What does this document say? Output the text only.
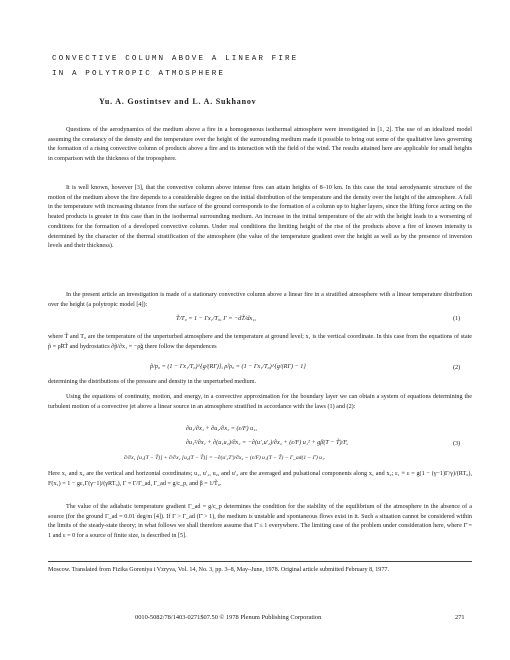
CONVECTIVE COLUMN ABOVE A LINEAR FIRE
IN A POLYTROPIC ATMOSPHERE
Yu. A. Gostintsev and L. A. Sukhanov

Questions of the aerodynamics of the medium above a fire in a homogeneous isothermal atmosphere were investigated in [1, 2]. The use of an idealized model assuming the constancy of the density and the temperature over the height of the surrounding medium made it possible to bring out some of the qualitative laws governing the formation of a rising convective column of products above a fire and its interaction with the field of the wind. The results attained here are applicable for small heights in comparison with the thickness of the troposphere.

It is well known, however [3], that the convective column above intense fires can attain heights of 8–10 km. In this case the total aerodynamic structure of the motion of the medium above the fire depends to a considerable degree on the initial distribution of the temperature and the density over the height of the atmosphere. A fall in the temperature with increasing distance from the surface of the ground corresponds to the formation of a column up to higher layers, since the lifting force acting on the heated products is greater in this case than in the isothermal surrounding medium. An increase in the initial temperature of the air with the height leads to a worsening of conditions for the formation of a developed convective column. Under real conditions the limiting height of the rise of the products above a fire of known intensity is determined by the character of the thermal stratification of the atmosphere (the value of the temperature gradient over the height as well as by the presence of inversion levels and their thickness).

In the present article an investigation is made of a stationary convective column above a linear fire in a stratified atmosphere with a linear temperature distribution over the height (a polytropic model [4]):

T̃/T₀ = 1 − Γx₁/T₀, Γ = −dT̃/dx₁,	(1)

where T̃ and T₀ are the temperature of the unperturbed atmosphere and the temperature at ground level; x₁ is the vertical coordinate. In this case from the equations of state p̃ = ρ̃RT̃ and hydrostatics ∂p̃/∂x₁ = −ρ̃g there follow the dependences

p̃/p₀ = (1 − Γx₁/T₀)^{g/(RΓ)}, ρ̃/ρ₀ = (1 − Γx₁/T₀)^{g/(RΓ) − 1}	(2)

determining the distributions of the pressure and density in the unperturbed medium.

Using the equations of continuity, motion, and energy, in a convective approximation for the boundary layer we can obtain a system of equations determining the turbulent motion of a convective jet above a linear source in an atmosphere stratified in accordance with the laws (1) and (2):

∂u₁/∂x₁ + ∂u₂/∂x₂ = (ε/F) u₁,
∂u₁²/∂x₁ + ∂(u₁u₂)/∂x₂ = −∂(u′₁u′₂)/∂x₂ + (ε/F) u₁² + gβ(T − T̃)/F,
∂/∂x₁ [u₁(T − T̃)] + ∂/∂x₂ [u₂(T − T̃)] = −∂(u′₂T′)/∂x₂ − (ε/F) u₁(T − T̃) − Γ_ad(1 − Γ̄) u₁.
(3)

Here x₁ and x₂ are the vertical and horizontal coordinates; u₁, u′₁, u₂, and u′₂ are the averaged and pulsational components along x₁ and x₂; ε₁ ≡ ε = g(1 − (γ−1)Γ/γ)/(RT₀), F(x₁) = 1 − gε₁Γ(γ−1)/(γRT₀), Γ = Γ/Γ_ad, Γ_ad = g/c_p, and β = 1/T̃₀.

The value of the adiabatic temperature gradient Γ_ad = g/c_p determines the condition for the stability of the equilibrium of the atmosphere in the absence of a source (for the ground Γ_ad = 0.01 deg/m [4]). If Γ > Γ_ad (Γ̄ > 1), the medium is unstable and spontaneous flows exist in it. Such a situation cannot be considered within the limits of the steady-state theory; in what follows we shall therefore assume that Γ̄ ≤ 1 everywhere. The limiting case of the problem under consideration here, where Γ̄ = 1 and ε = 0 for a source of finite size, is described in [5].

Moscow. Translated from Fizika Goreniya i Vzryva, Vol. 14, No. 3, pp. 3–8, May–June, 1978. Original article submitted February 8, 1977.
0010-5082/78/1403-0271$07.50 © 1978 Plenum Publishing Corporation	271
